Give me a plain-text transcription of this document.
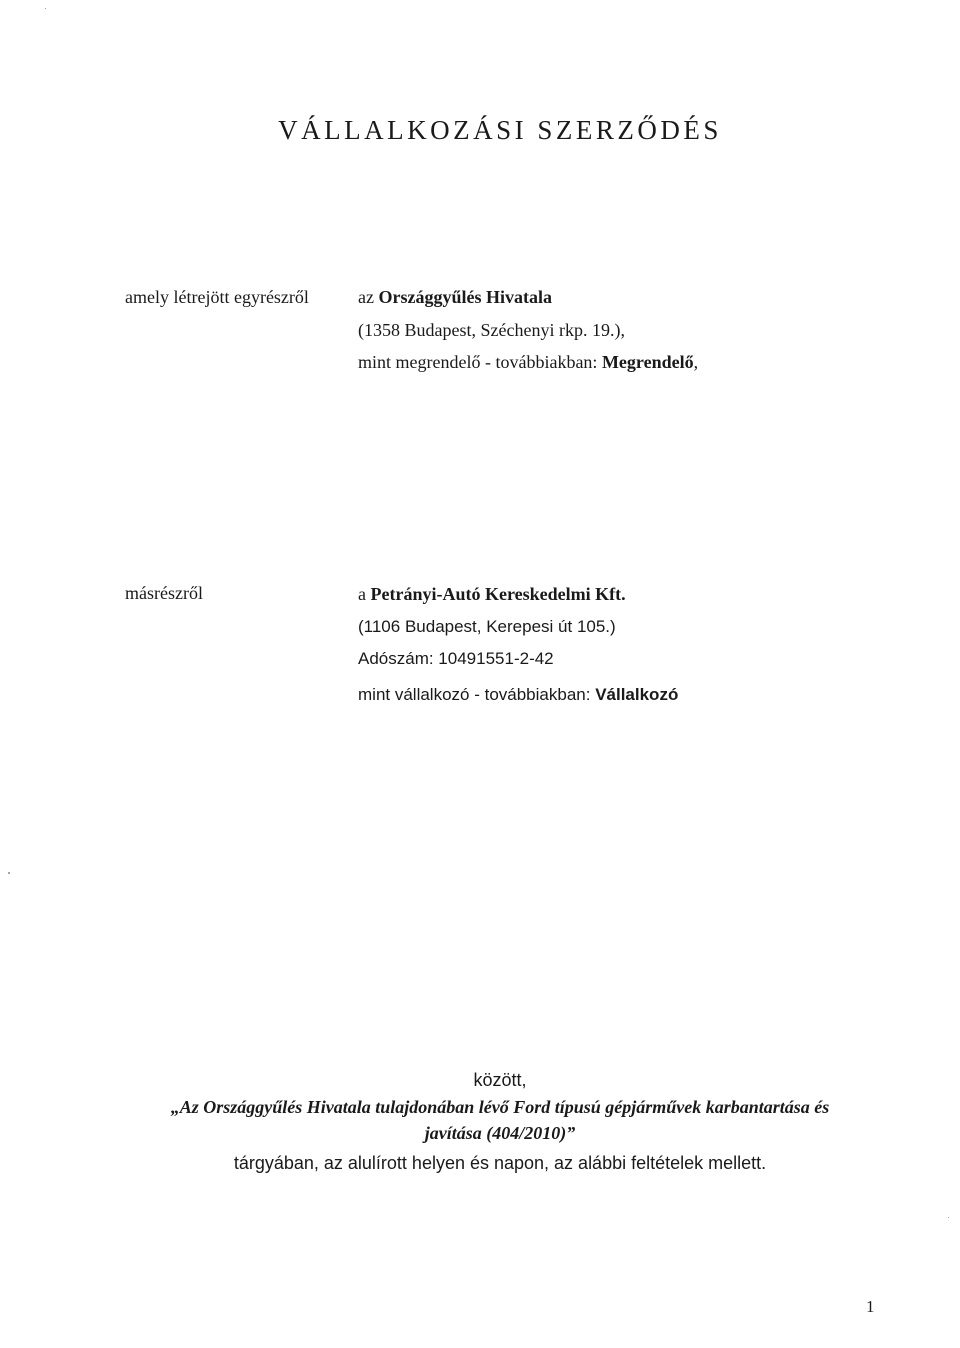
VÁLLALKOZÁSI SZERZŐDÉS
amely létrejött egyrészről	az Országgyűlés Hivatala
(1358 Budapest, Széchenyi rkp. 19.),
mint megrendelő - továbbiakban: Megrendelő,
másrészről	a Petrányi-Autó Kereskedelmi Kft.
(1106 Budapest, Kerepesi út 105.)
Adószám: 10491551-2-42
mint vállalkozó - továbbiakban: Vállalkozó
között,
„Az Országgyűlés Hivatala tulajdonában lévő Ford típusú gépjárművek karbantartása és
javítása (404/2010)”
tárgyában, az alulírott helyen és napon, az alábbi feltételek mellett.
1
